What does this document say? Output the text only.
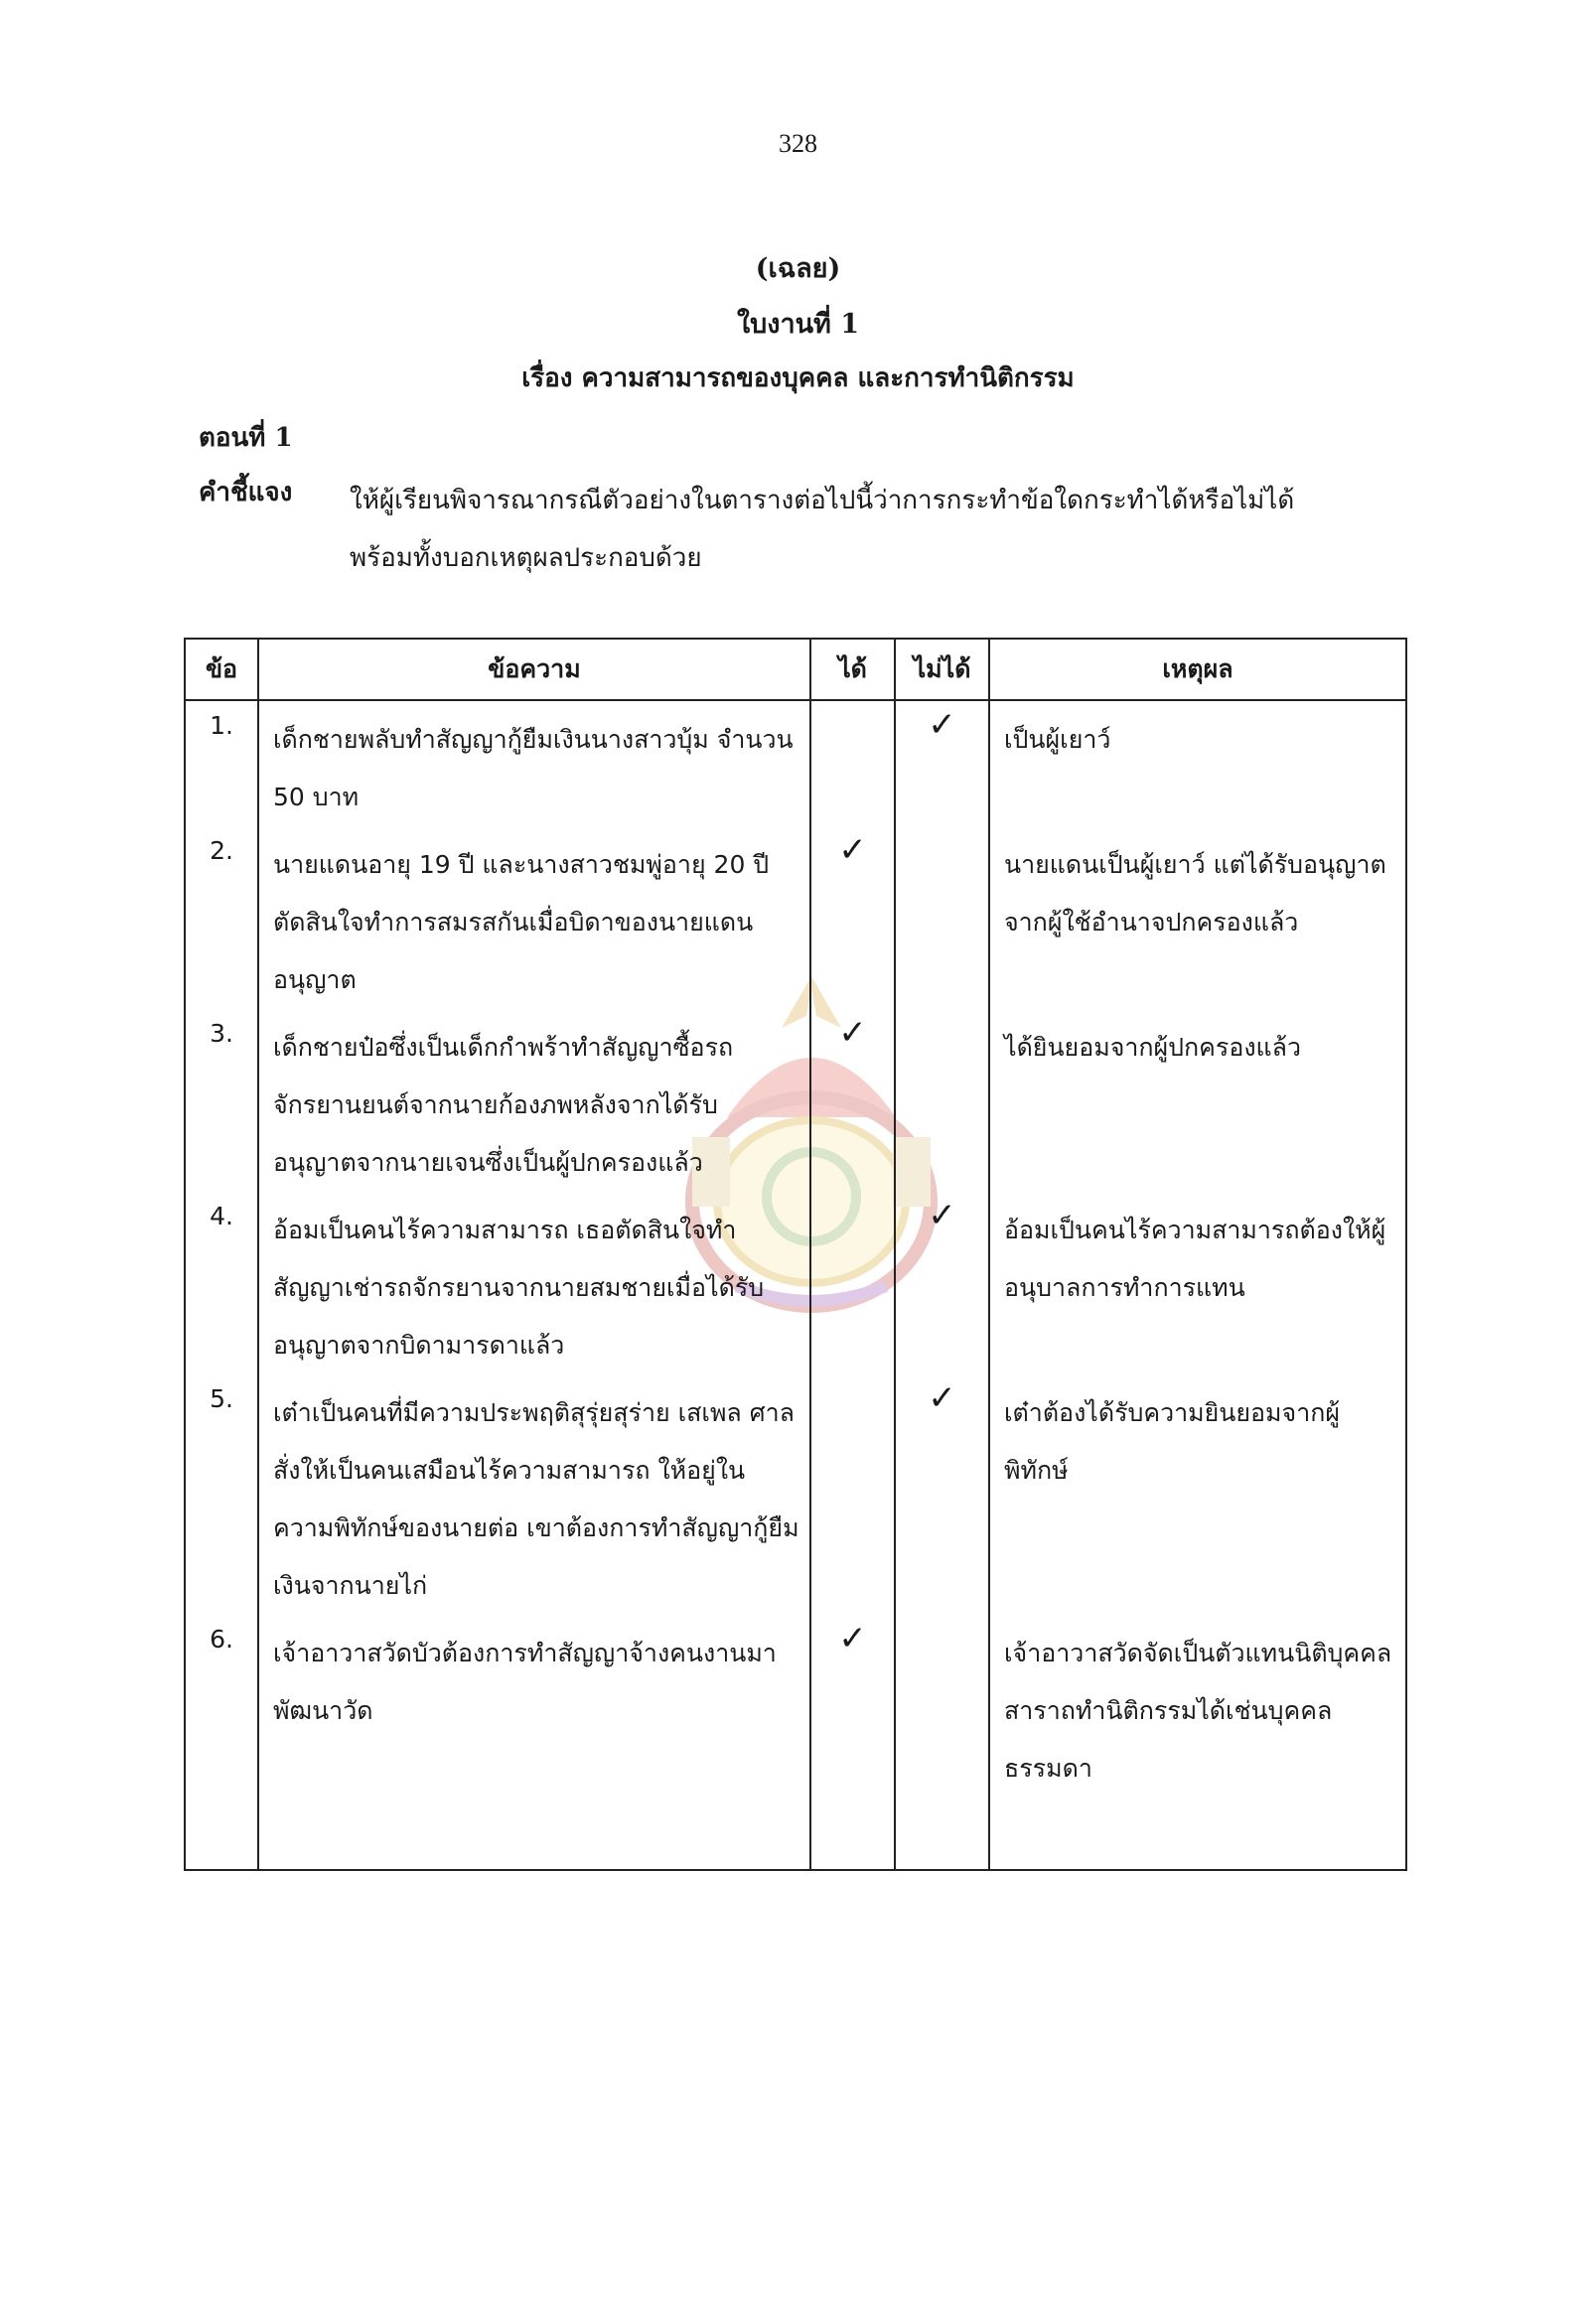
328
(เฉลย)
ใบงานที่ 1
เรื่อง ความสามารถของบุคคล และการทำนิติกรรม
ตอนที่ 1
คำชี้แจง ให้ผู้เรียนพิจารณากรณีตัวอย่างในตารางต่อไปนี้ว่าการกระทำข้อใดกระทำได้หรือไม่ได้
พร้อมทั้งบอกเหตุผลประกอบด้วย
ข้อ	ข้อความ	ได้	ไม่ได้	เหตุผล
1.	เด็กชายพลับทำสัญญากู้ยืมเงินนางสาวบุ้ม จำนวน 50 บาท		✓	เป็นผู้เยาว์
2.	นายแดนอายุ 19 ปี และนางสาวชมพู่อายุ 20 ปี ตัดสินใจทำการสมรสกันเมื่อบิดาของนายแดนอนุญาต	✓		นายแดนเป็นผู้เยาว์ แต่ได้รับอนุญาตจากผู้ใช้อำนาจปกครองแล้ว
3.	เด็กชายป๋อซึ่งเป็นเด็กกำพร้าทำสัญญาซื้อรถจักรยานยนต์จากนายก้องภพหลังจากได้รับอนุญาตจากนายเจนซึ่งเป็นผู้ปกครองแล้ว	✓		ได้ยินยอมจากผู้ปกครองแล้ว
4.	อ้อมเป็นคนไร้ความสามารถ เธอตัดสินใจทำสัญญาเช่ารถจักรยานจากนายสมชายเมื่อได้รับอนุญาตจากบิดามารดาแล้ว		✓	อ้อมเป็นคนไร้ความสามารถต้องให้ผู้อนุบาลการทำการแทน
5.	เต๋าเป็นคนที่มีความประพฤติสุรุ่ยสุร่าย เสเพล ศาลสั่งให้เป็นคนเสมือนไร้ความสามารถ ให้อยู่ในความพิทักษ์ของนายต่อ เขาต้องการทำสัญญากู้ยืมเงินจากนายไก่		✓	เต๋าต้องได้รับความยินยอมจากผู้พิทักษ์
6.	เจ้าอาวาสวัดบัวต้องการทำสัญญาจ้างคนงานมาพัฒนาวัด	✓		เจ้าอาวาสวัดจัดเป็นตัวแทนนิติบุคคล สาราถทำนิติกรรมได้เช่นบุคคลธรรมดา
